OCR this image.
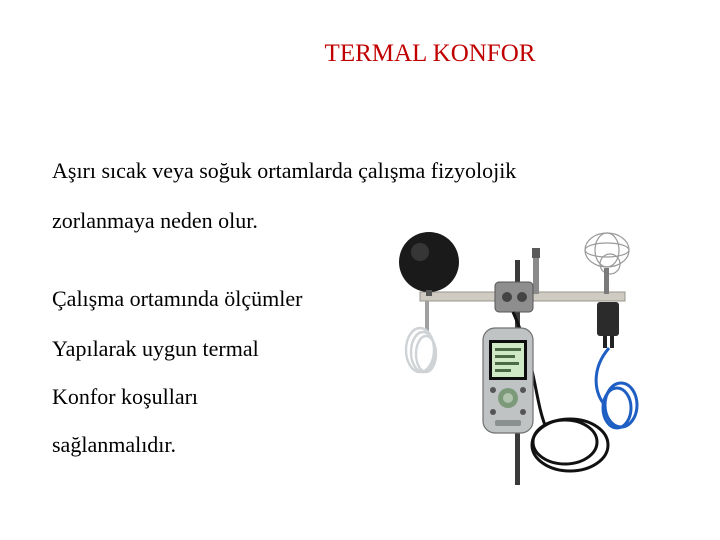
TERMAL KONFOR
Aşırı sıcak veya soğuk ortamlarda çalışma fizyolojik
zorlanmaya neden olur.
Çalışma ortamında ölçümler
Yapılarak uygun termal
Konfor koşulları
sağlanmalıdır.
